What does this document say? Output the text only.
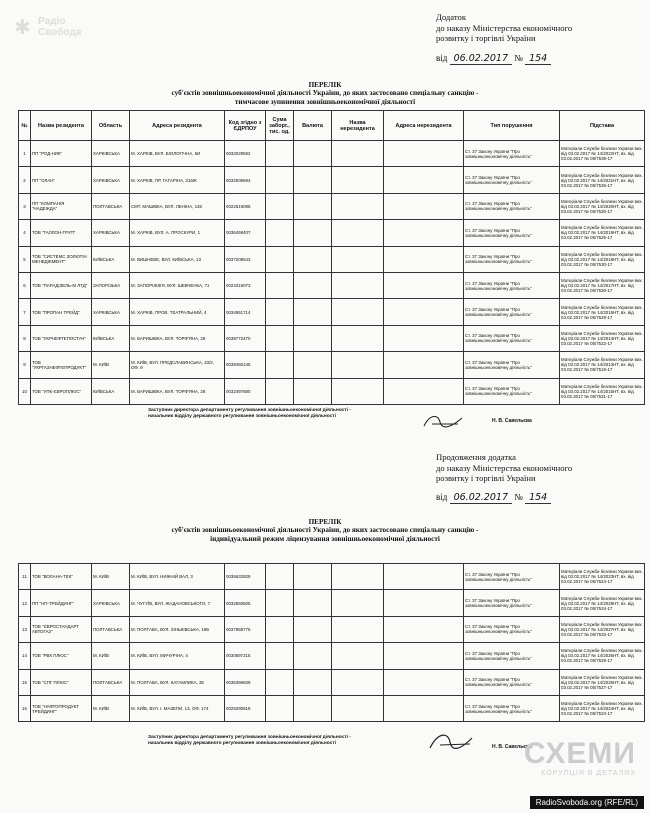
✱ Радіо
Свобода
Додаток
до наказу Міністерства економічного
розвитку і торгівлі України
від 06.02.2017 № 154
ПЕРЕЛІК
суб'єктів зовнішньоекономічної діяльності України, до яких застосовано спеціальну санкцію -
тимчасове зупинення зовнішньоекономічної діяльності
№	Назва резидента	Область	Адреса резидента	Код згідно з ЄДРПОУ	Сума заборг., тис. од.	Валюта	Назва нерезидента	Адреса нерезидента	Тип порушення	Підстава
1	ПП "РОД-НИК"	ХАРКІВСЬКА	М. ХАРКІВ, ВУЛ. БІОЛОГІЧНА, 6И	0032029592					Ст. 37 Закону України "Про зовнішньоекономічну діяльність"	Матеріали Служби безпеки України вих. від 03.02.2017 № 14/2022НТ, вх. від 03.02.2017 № 05/7539-17
2	ПП "ОЛАН"	ХАРКІВСЬКА	М. ХАРКІВ, ПР. ГАГАРІНА, 316Ж	0032506594					Ст. 37 Закону України "Про зовнішньоекономічну діяльність"	Матеріали Служби безпеки України вих. від 03.02.2017 № 14/2021НТ, вх. від 03.02.2017 № 05/7536-17
3	ПП "КОМПАНІЯ "НАДЕЖДА"	ПОЛТАВСЬКА	СМТ. МАШІВКА, ВУЛ. ЛЕНІНА, 136	0022519085					Ст. 37 Закону України "Про зовнішньоекономічну діяльність"	Матеріали Служби безпеки України вих. від 03.02.2017 № 14/2020НТ, вх. від 03.02.2017 № 05/7530-17
4	ТОВ "ГАЛЛОН-ГРУП"	ХАРКІВСЬКА	М. ХАРКІВ, ВУЛ. А. ПРОСКУРИ, 1	0036459407					Ст. 37 Закону України "Про зовнішньоекономічну діяльність"	Матеріали Служби безпеки України вих. від 03.02.2017 № 14/2019НТ, вх. від 03.02.2017 № 05/7525-17
5	ТОВ "СИСТЕМС ЗОЛЮТІН МЕНЕДЖМЕНТ"	КИЇВСЬКА	М. ВИШНЕВЕ, ВУЛ. КИЇВСЬКА, 13	0037208543					Ст. 37 Закону України "Про зовнішньоекономічну діяльність"	Матеріали Служби безпеки України вих. від 03.02.2017 № 14/2018НТ, вх. від 03.02.2017 № 05/7530-17
6	ТОВ "ПАРАДІЗЕЛЬ-М ЛТД"	ЗАПОРІЗЬКА	М. ЗАПОРІЖЖЯ, ВУЛ. ШЕВЧЕНКА, 71	0024316073					Ст. 37 Закону України "Про зовнішньоекономічну діяльність"	Матеріали Служби безпеки України вих. від 03.02.2017 № 14/2017НТ, вх. від 03.02.2017 № 05/7530-17
7	ТОВ "ПРОПАН ТРЕЙД"	ХАРКІВСЬКА	М. ХАРКІВ, ПРОВ. ТЕАТРАЛЬНИЙ, 4	0034951714					Ст. 37 Закону України "Про зовнішньоекономічну діяльність"	Матеріали Служби безпеки України вих. від 03.02.2017 № 14/2016НТ, вх. від 03.02.2017 № 05/7528-17
8	ТОВ "УКРНЕФТЕПОСТАЧ"	КИЇВСЬКА	М. БАРИШІВКА, ВУЛ. ТОРФ'ЯНА, 28	0039772470					Ст. 37 Закону України "Про зовнішньоекономічну діяльність"	Матеріали Служби безпеки України вих. від 03.02.2017 № 14/2014НТ, вх. від 03.02.2017 № 05/7522-17
9	ТОВ "УКРГАЗНЕФТЕПРОДУКТ"	М. КИЇВ	М. КИЇВ, ВУЛ. ПРЕДСЛАВИНСЬКА, 43/2, ОФ. 9	0039450145					Ст. 37 Закону України "Про зовнішньоекономічну діяльність"	Матеріали Служби безпеки України вих. від 03.02.2017 № 14/2013НТ, вх. від 03.02.2017 № 05/7519-17
10	ТОВ "УПК-ЄВРОПЛЮС"	КИЇВСЬКА	М. БАРИШІВКА, ВУЛ. ТОРФ'ЯНА, 28	0032497680					Ст. 37 Закону України "Про зовнішньоекономічну діяльність"	Матеріали Служби безпеки України вих. від 03.02.2017 № 14/2015НТ, вх. від 03.02.2017 № 05/7531-17
Заступник директора департаменту регулювання зовнішньоекономічної діяльності -
начальник відділу державного регулювання зовнішньоекономічної діяльності
Н. В. Савельєва
Продовження додатка
до наказу Міністерства економічного
розвитку і торгівлі України
від 06.02.2017 № 154
ПЕРЕЛІК
суб'єктів зовнішньоекономічної діяльності України, до яких застосовано спеціальну санкцію -
індивідуальний режим ліцензування зовнішньоекономічної діяльності
11	ТОВ "ВОЛАНА-ТЕК"	М. КИЇВ	М. КИЇВ, ВУЛ. НИЖНІЙ ВАЛ, 3	0036632829					Ст. 37 Закону України "Про зовнішньоекономічну діяльність"	Матеріали Служби безпеки України вих. від 03.02.2017 № 14/2023НТ, вх. від 03.02.2017 № 05/7524-17
12	ПП "НП-ТРЕЙДИНГ"	ХАРКІВСЬКА	М. ЧУГУЇВ, ВУЛ. ЖАДАНОВСЬКОГО, 7	0032650605					Ст. 37 Закону України "Про зовнішньоекономічну діяльність"	Матеріали Служби безпеки України вих. від 03.02.2017 № 14/2028НТ, вх. від 03.02.2017 № 05/7534-17
13	ТОВ "ЄВРОСТАНДАРТ АВТОГАЗ"	ПОЛТАВСЬКА	М. ПОЛТАВА, ВУЛ. ЗІНЬКІВСЬКА, 19Б	0037958775					Ст. 37 Закону України "Про зовнішньоекономічну діяльність"	Матеріали Служби безпеки України вих. від 03.02.2017 № 14/2027НТ, вх. від 03.02.2017 № 05/7533-17
14	ТОВ "РВК ПЛЮС"	М. КИЇВ	М. КИЇВ, ВУЛ. МИЧУРІНА, 4	0030697215					Ст. 37 Закону України "Про зовнішньоекономічну діяльність"	Матеріали Служби безпеки України вих. від 03.02.2017 № 14/2026НТ, вх. від 03.02.2017 № 05/7529-17
15	ТОВ "СПГ ПЛЮС"	ПОЛТАВСЬКА	М. ПОЛТАВА, ВУЛ. КАГАМЛИКА, 35	0036396839					Ст. 37 Закону України "Про зовнішньоекономічну діяльність"	Матеріали Служби безпеки України вих. від 03.02.2017 № 14/2025НТ, вх. від 03.02.2017 № 05/7527-17
16	ТОВ "НАФТОПРОДУКТ ТРЕЙДИНГ"	М. КИЇВ	М. КИЇВ, ВУЛ. І. МАЗЕПИ, 13, ОФ. 174	0029290818					Ст. 37 Закону України "Про зовнішньоекономічну діяльність"	Матеріали Служби безпеки України вих. від 03.02.2017 № 14/2024НТ, вх. від 03.02.2017 № 05/7523-17
Заступник директора департаменту регулювання зовнішньоекономічної діяльності -
начальник відділу державного регулювання зовнішньоекономічної діяльності
Н. В. Савельєва
СХЕМИ
КОРУПЦІЯ В ДЕТАЛЯХ
RadioSvoboda.org (RFE/RL)
